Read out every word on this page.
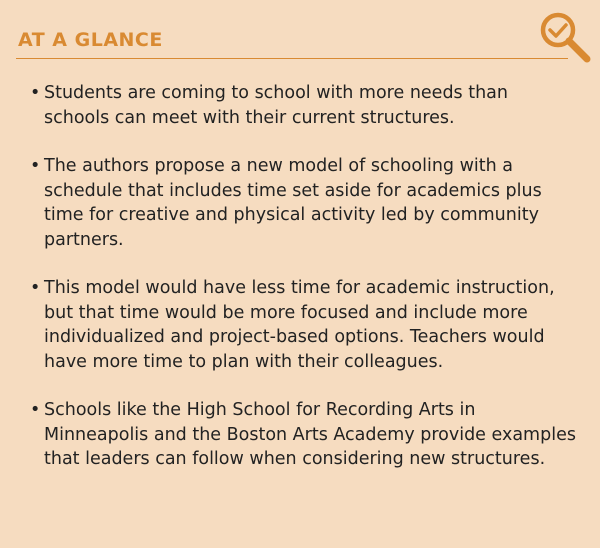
AT A GLANCE
• Students are coming to school with more needs than schools can meet with their current structures.
• The authors propose a new model of schooling with a schedule that includes time set aside for academics plus time for creative and physical activity led by community partners.
• This model would have less time for academic instruction, but that time would be more focused and include more individualized and project-based options. Teachers would have more time to plan with their colleagues.
• Schools like the High School for Recording Arts in Minneapolis and the Boston Arts Academy provide examples that leaders can follow when considering new structures.
